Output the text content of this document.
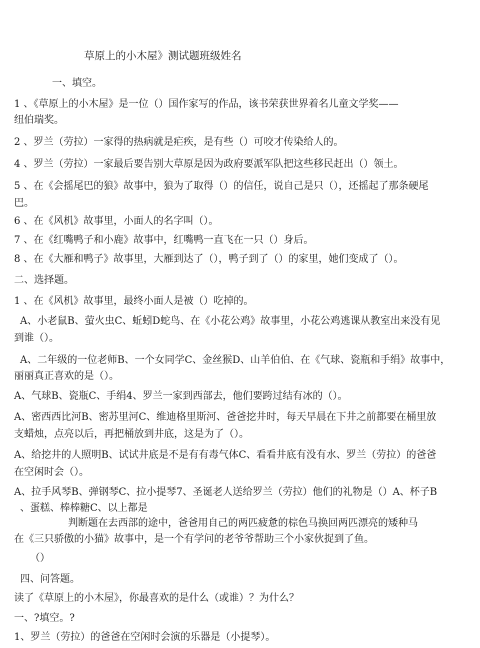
草原上的小木屋》测试题班级姓名
一、填空。
1 、《草原上的小木屋》是一位（）国作家写的作品，该书荣获世界着名儿童文学奖——
纽伯瑞奖。
2 、罗兰（劳拉）一家得的热病就是疟疾，是有些（）可咬才传染给人的。
4 、罗兰（劳拉）一家最后要告别大草原是因为政府要派军队把这些移民赶出（）领土。
5 、在《会摇尾巴的狼》故事中，狼为了取得（）的信任，说自己是只（），还摇起了那条硬尾
巴。
6 、在《风机》故事里，小面人的名字叫（）。
7 、在《红嘴鸭子和小鹿》故事中，红嘴鸭一直飞在一只（）身后。
8 、在《大雁和鸭子》故事里，大雁到达了（），鸭子到了（）的家里，她们变成了（）。
二、选择题。
1 、在《风机》故事里，最终小面人是被（）吃掉的。
A、小老鼠B、萤火虫C、蚯蚓D蛇鸟、在《小花公鸡》故事里，小花公鸡逃课从教室出来没有见
到谁（）。
A、二年级的一位老师B、一个女同学C、金丝猴D、山羊伯伯、在《气球、瓷瓶和手绢》故事中，
丽丽真正喜欢的是（）。
A、气球B、瓷瓶C、手绢4、罗兰一家到西部去，他们要跨过结有冰的（）。
A、密西西比河B、密苏里河C、维迪格里斯河、爸爸挖井时，每天早晨在下井之前都要在桶里放
支蜡烛，点亮以后，再把桶放到井底，这是为了（）。
A、给挖井的人照明B、试试井底是不是有有毒气体C、看看井底有没有水、罗兰（劳拉）的爸爸
在空闲时会（）。
A、拉手风琴B、弹钢琴C、拉小提琴7、圣诞老人送给罗兰（劳拉）他们的礼物是（）A、杯子B
、蛋糕、棒棒糖C、以上都是
判断题在去西部的途中，爸爸用自己的两匹疲惫的棕色马换回两匹漂亮的矮种马
在《三只骄傲的小猫》故事中，是一个有学问的老爷爷帮助三个小家伙捉到了鱼。
（）
四、问答题。
读了《草原上的小木屋》，你最喜欢的是什么（或谁）？为什么？
一、?填空。?
1、罗兰（劳拉）的爸爸在空闲时会演的乐器是（小提琴）。
